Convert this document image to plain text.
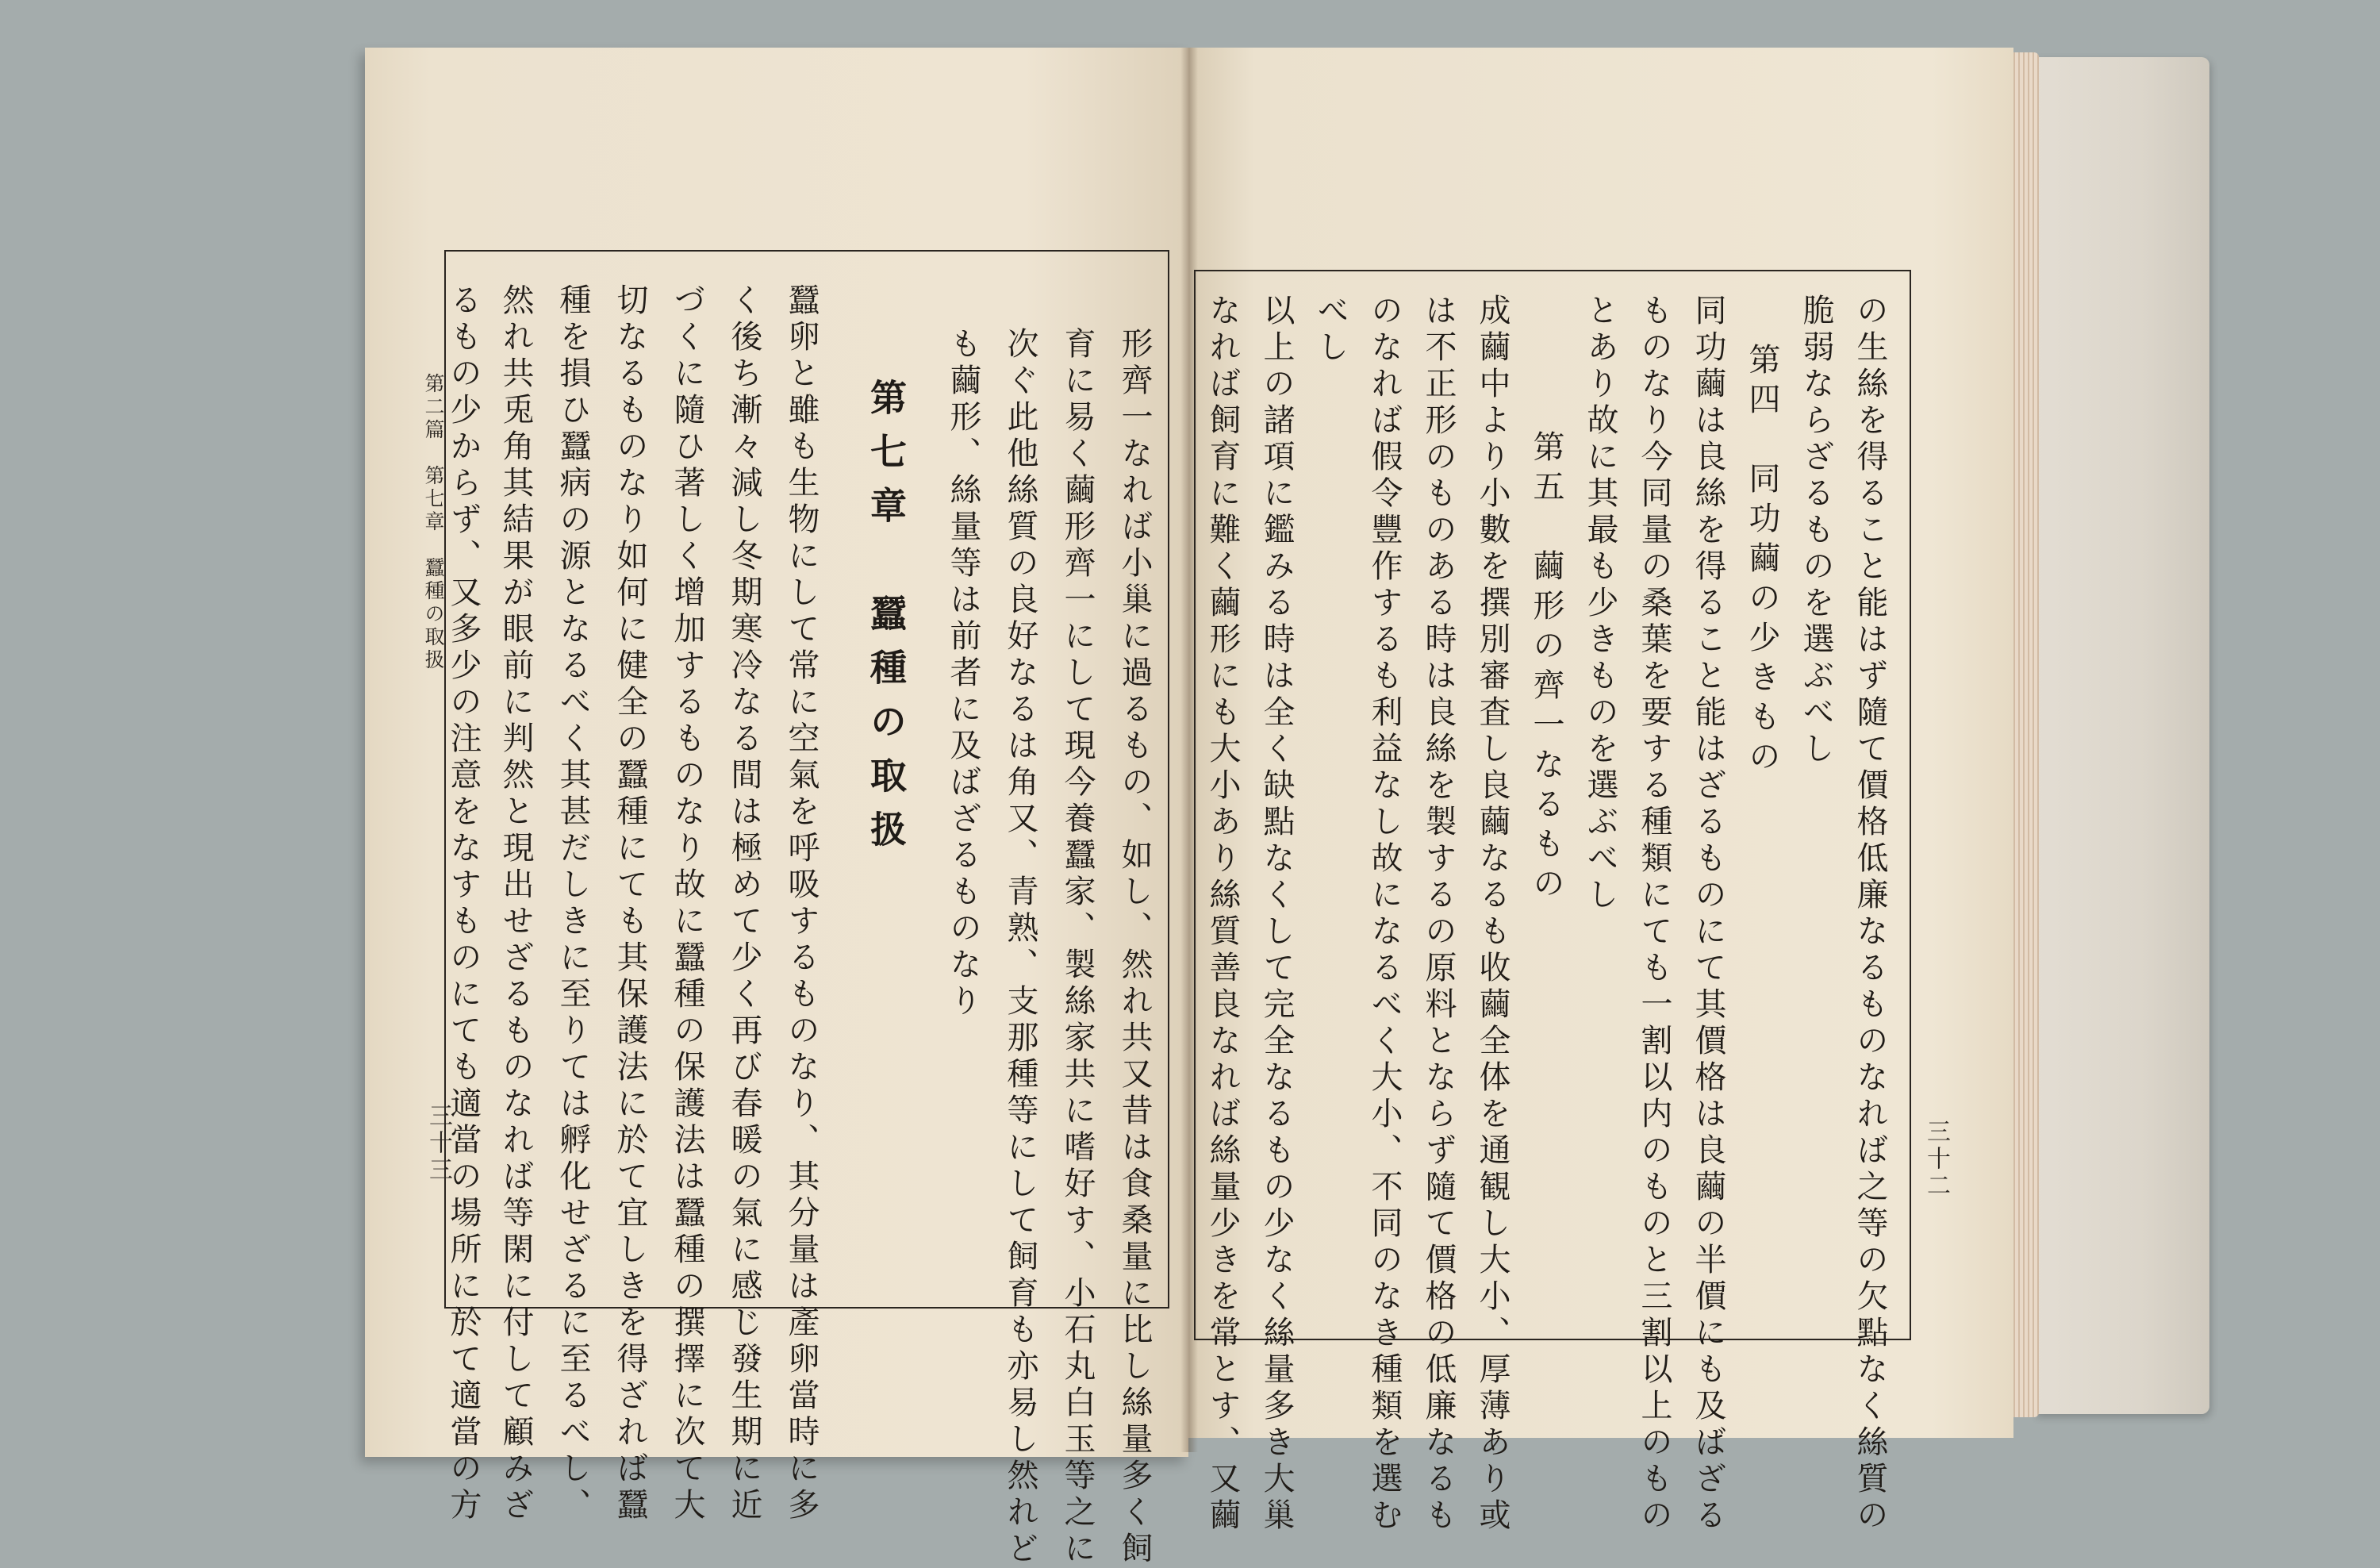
第二篇　第七章　蠶種の取扱
三十三	形齊一なれば小巢に過るもの、如し、然れ共又昔は食桑量に比し絲量多く飼
育に易く繭形齊一にして現今養蠶家、製絲家共に嗜好す、小石丸白玉等之に
次ぐ此他絲質の良好なるは角又、青熟、支那種等にして飼育も亦易し然れど
も繭形、絲量等は前者に及ばざるものなり
第七章　蠶種の取扱
蠶卵と雖も生物にして常に空氣を呼吸するものなり、其分量は產卵當時に多
く後ち漸々減し冬期寒冷なる間は極めて少く再び春暖の氣に感じ發生期に近
づくに隨ひ著しく增加するものなり故に蠶種の保護法は蠶種の撰擇に次て大
切なるものなり如何に健全の蠶種にても其保護法に於て宜しきを得ざれば蠶
種を損ひ蠶病の源となるべく其甚だしきに至りては孵化せざるに至るべし、
然れ共兎角其結果が眼前に判然と現出せざるものなれば等閑に付して顧みざ
るもの少からず、又多少の注意をなすものにても適當の場所に於て適當の方	三十二
の生絲を得ること能はず隨て價格低廉なるものなれば之等の欠點なく絲質の
脆弱ならざるものを選ぶべし
第四　同功繭の少きもの
同功繭は良絲を得ること能はざるものにて其價格は良繭の半價にも及ばざる
ものなり今同量の桑葉を要する種類にても一割以内のものと三割以上のもの
とあり故に其最も少きものを選ぶべし
第五　繭形の齊一なるもの
成繭中より小數を撰別審査し良繭なるも收繭全体を通観し大小、厚薄あり或
は不正形のものある時は良絲を製するの原料とならず隨て價格の低廉なるも
のなれば假令豐作するも利益なし故になるべく大小、不同のなき種類を選む
べし
以上の諸項に鑑みる時は全く缺點なくして完全なるもの少なく絲量多き大巢
なれば飼育に難く繭形にも大小あり絲質善良なれば絲量少きを常とす、又繭
